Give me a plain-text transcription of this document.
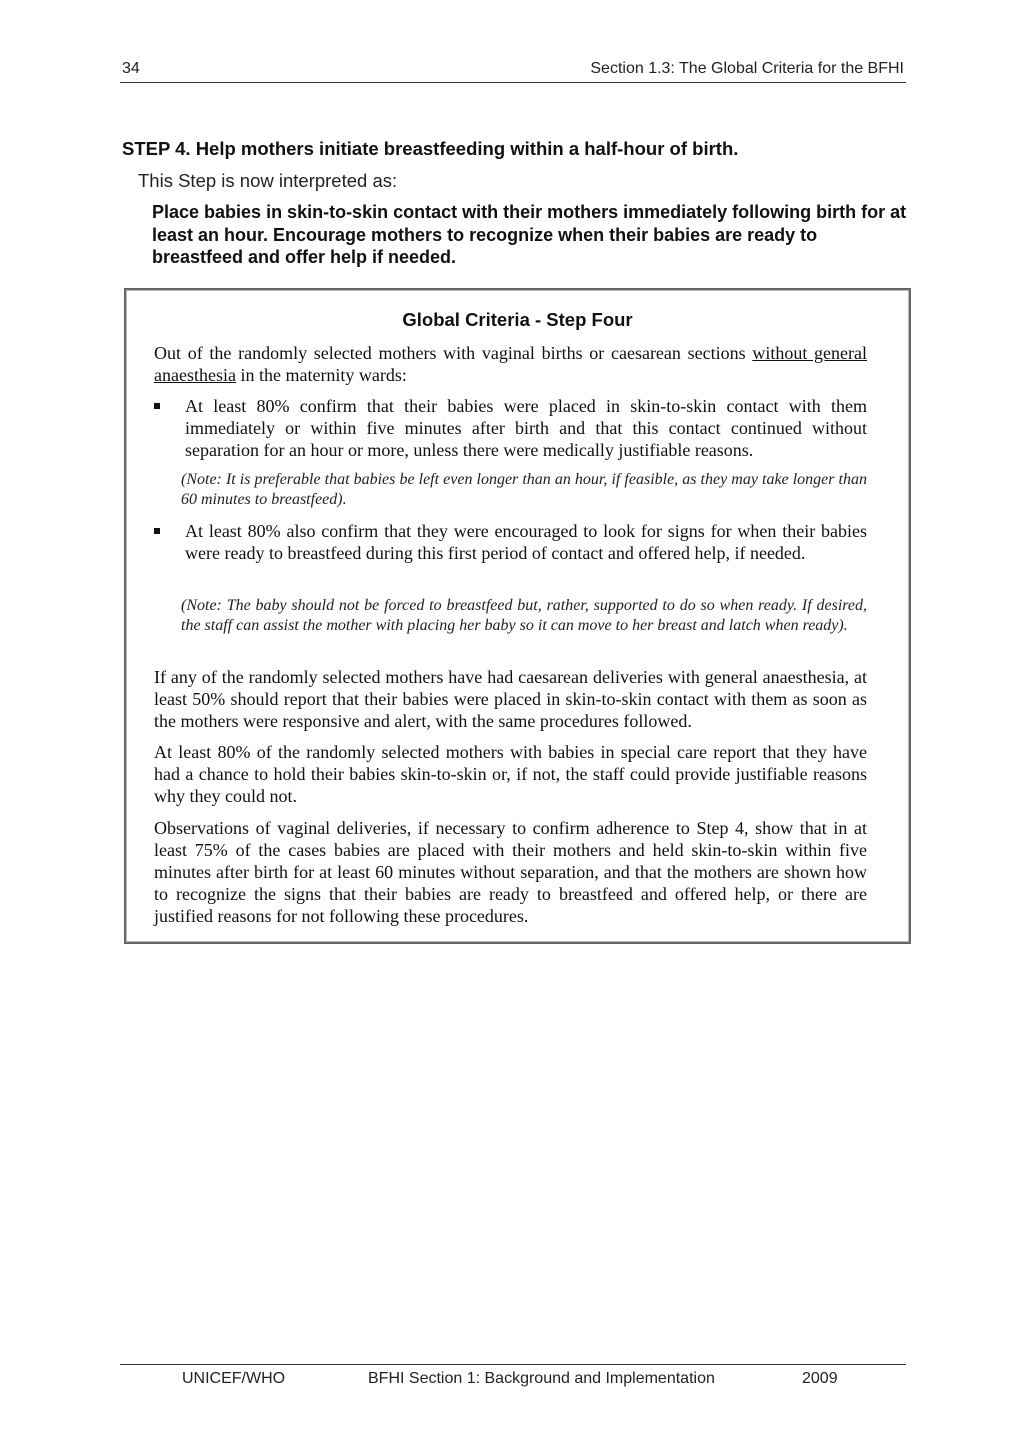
34	Section 1.3: The Global Criteria for the BFHI
STEP 4. Help mothers initiate breastfeeding within a half-hour of birth.
This Step is now interpreted as:
Place babies in skin-to-skin contact with their mothers immediately following birth for at least an hour. Encourage mothers to recognize when their babies are ready to breastfeed and offer help if needed.
Global Criteria - Step Four
Out of the randomly selected mothers with vaginal births or caesarean sections without general anaesthesia in the maternity wards:
At least 80% confirm that their babies were placed in skin-to-skin contact with them immediately or within five minutes after birth and that this contact continued without separation for an hour or more, unless there were medically justifiable reasons.
(Note: It is preferable that babies be left even longer than an hour, if feasible, as they may take longer than 60 minutes to breastfeed).
At least 80% also confirm that they were encouraged to look for signs for when their babies were ready to breastfeed during this first period of contact and offered help, if needed.
(Note: The baby should not be forced to breastfeed but, rather, supported to do so when ready. If desired, the staff can assist the mother with placing her baby so it can move to her breast and latch when ready).
If any of the randomly selected mothers have had caesarean deliveries with general anaesthesia, at least 50% should report that their babies were placed in skin-to-skin contact with them as soon as the mothers were responsive and alert, with the same procedures followed.
At least 80% of the randomly selected mothers with babies in special care report that they have had a chance to hold their babies skin-to-skin or, if not, the staff could provide justifiable reasons why they could not.
Observations of vaginal deliveries, if necessary to confirm adherence to Step 4, show that in at least 75% of the cases babies are placed with their mothers and held skin-to-skin within five minutes after birth for at least 60 minutes without separation, and that the mothers are shown how to recognize the signs that their babies are ready to breastfeed and offered help, or there are justified reasons for not following these procedures.
UNICEF/WHO	BFHI Section 1: Background and Implementation	2009
